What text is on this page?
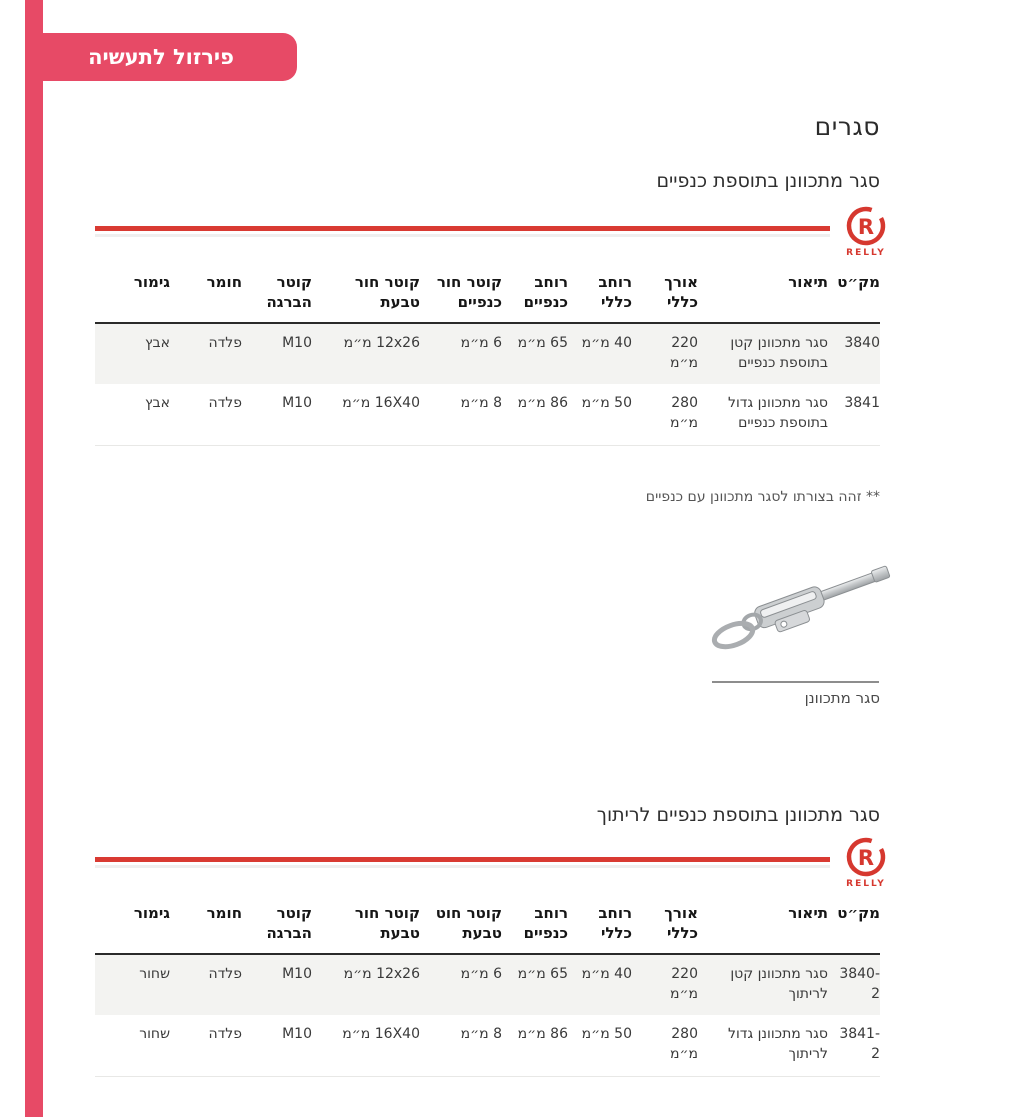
פירזול לתעשיה
סגרים
סגר מתכוונן בתוספת כנפיים
R
RELLY
מק״ט	תיאור	אורך כללי	רוחב כללי	רוחב כנפיים	קוטר חור כנפיים	קוטר חור טבעת	קוטר הברגה	חומר	גימור
3840	סגר מתכוונן קטן בתוספת כנפיים	220 מ״מ	40 מ״מ	65 מ״מ	6 מ״מ	12x26 מ״מ	M10	פלדה	אבץ
3841	סגר מתכוונן גדול בתוספת כנפיים	280 מ״מ	50 מ״מ	86 מ״מ	8 מ״מ	16X40 מ״מ	M10	פלדה	אבץ
** זהה בצורתו לסגר מתכוונן עם כנפיים
סגר מתכוונן
סגר מתכוונן בתוספת כנפיים לריתוך
R
RELLY
מק״ט	תיאור	אורך כללי	רוחב כללי	רוחב כנפיים	קוטר חוט טבעת	קוטר חור טבעת	קוטר הברגה	חומר	גימור
3840-2	סגר מתכוונן קטן לריתוך	220 מ״מ	40 מ״מ	65 מ״מ	6 מ״מ	12x26 מ״מ	M10	פלדה	שחור
3841-2	סגר מתכוונן גדול לריתוך	280 מ״מ	50 מ״מ	86 מ״מ	8 מ״מ	16X40 מ״מ	M10	פלדה	שחור
